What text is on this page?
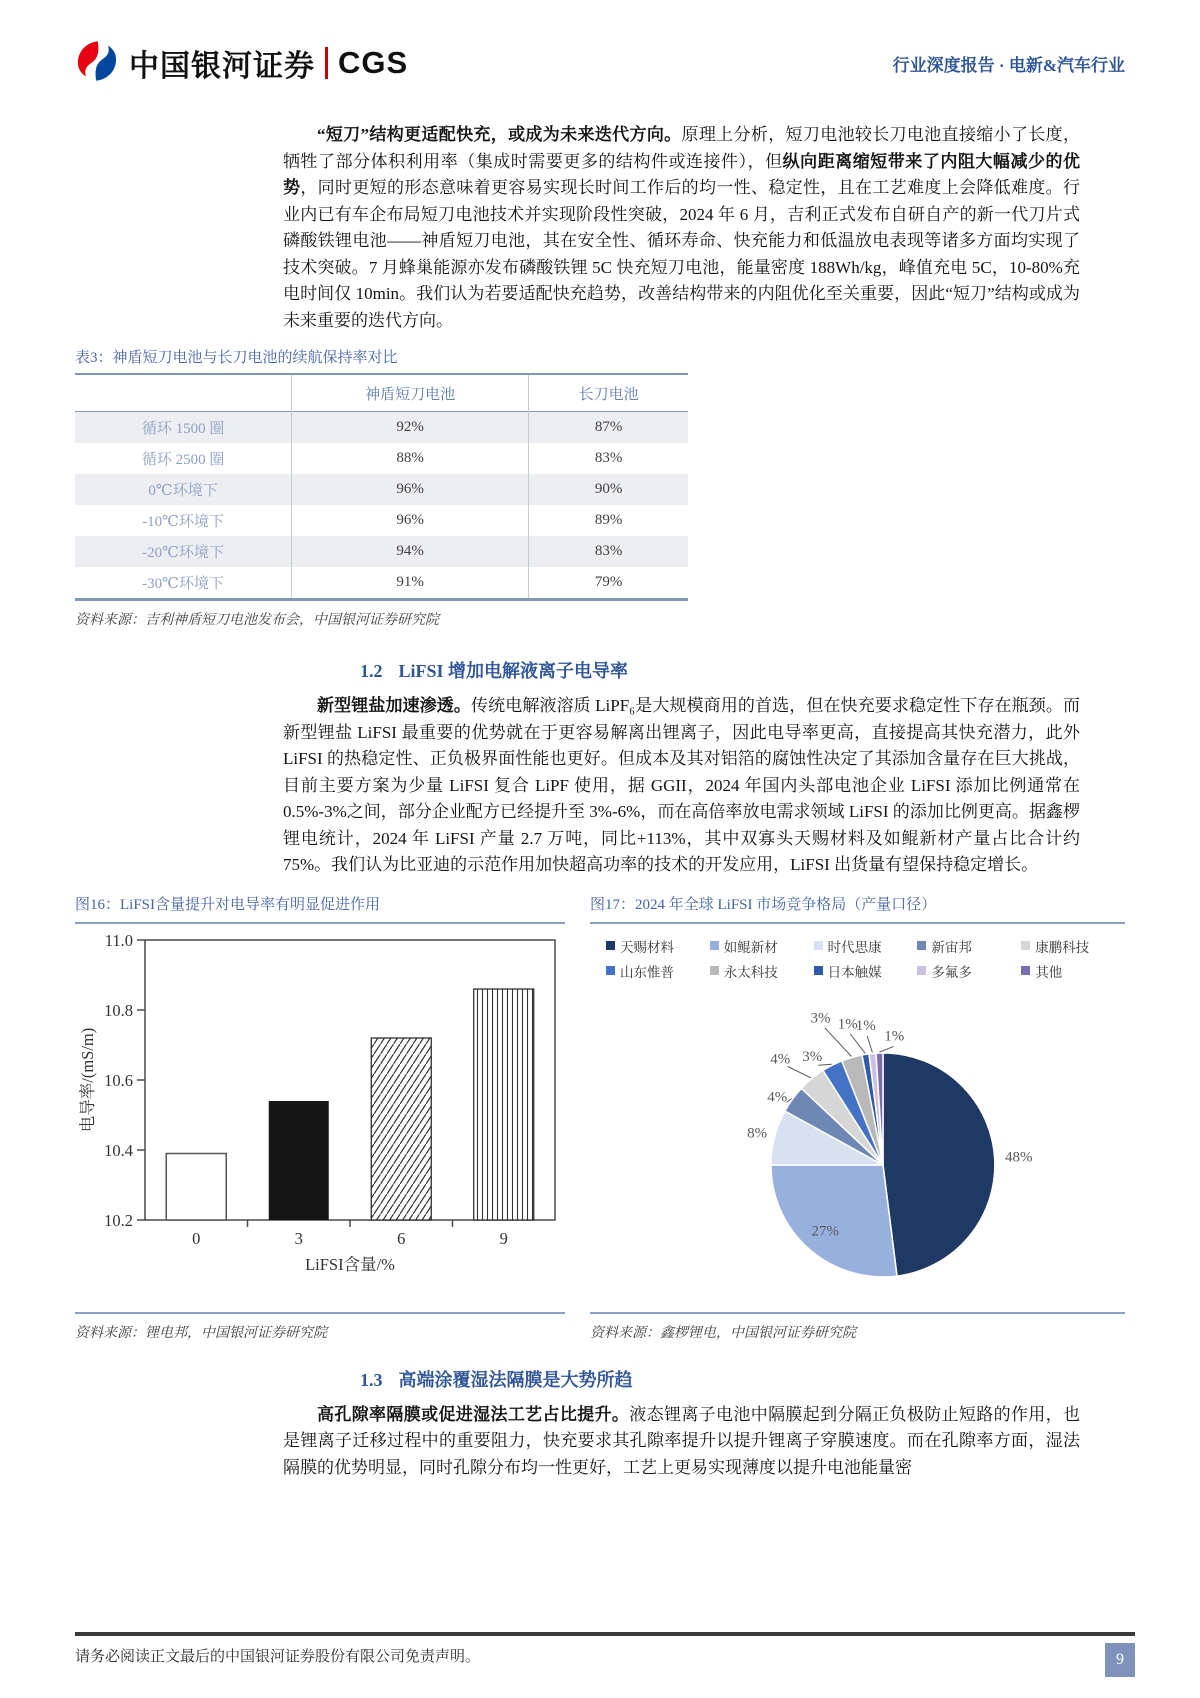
中国银河证券 CGS	行业深度报告 · 电新&汽车行业

“短刀”结构更适配快充，或成为未来迭代方向。原理上分析，短刀电池较长刀电池直接缩小了长度，牺牲了部分体积利用率（集成时需要更多的结构件或连接件），但纵向距离缩短带来了内阻大幅减少的优势，同时更短的形态意味着更容易实现长时间工作后的均一性、稳定性，且在工艺难度上会降低难度。行业内已有车企布局短刀电池技术并实现阶段性突破，2024 年 6 月，吉利正式发布自研自产的新一代刀片式磷酸铁锂电池——神盾短刀电池，其在安全性、循环寿命、快充能力和低温放电表现等诸多方面均实现了技术突破。7 月蜂巢能源亦发布磷酸铁锂 5C 快充短刀电池，能量密度 188Wh/kg，峰值充电 5C，10-80%充电时间仅 10min。我们认为若要适配快充趋势，改善结构带来的内阻优化至关重要，因此“短刀”结构或成为未来重要的迭代方向。

表3：神盾短刀电池与长刀电池的续航保持率对比
	神盾短刀电池	长刀电池
循环 1500 圈	92%	87%
循环 2500 圈	88%	83%
0℃环境下	96%	90%
-10℃环境下	96%	89%
-20℃环境下	94%	83%
-30℃环境下	91%	79%
资料来源：吉利神盾短刀电池发布会，中国银河证券研究院
1.2 LiFSI 增加电解液离子电导率

新型锂盐加速渗透。传统电解液溶质 LiPF₆是大规模商用的首选，但在快充要求稳定性下存在瓶颈。而新型锂盐 LiFSI 最重要的优势就在于更容易解离出锂离子，因此电导率更高，直接提高其快充潜力，此外 LiFSI 的热稳定性、正负极界面性能也更好。但成本及其对铝箔的腐蚀性决定了其添加含量存在巨大挑战，目前主要方案为少量 LiFSI 复合 LiPF 使用，据 GGII，2024 年国内头部电池企业 LiFSI 添加比例通常在 0.5%-3%之间，部分企业配方已经提升至 3%-6%，而在高倍率放电需求领域 LiFSI 的添加比例更高。据鑫椤锂电统计，2024 年 LiFSI 产量 2.7 万吨，同比+113%，其中双寡头天赐材料及如鲲新材产量占比合计约 75%。我们认为比亚迪的示范作用加快超高功率的技术的开发应用，LiFSI 出货量有望保持稳定增长。

图16：LiFSI含量提升对电导率有明显促进作用
10.2
10.4
10.6
10.8
11.0
0	3	6	9
LiFSI含量/%
电导率/(mS/m)
资料来源：锂电邦，中国银河证券研究院
图17：2024 年全球 LiFSI 市场竞争格局（产量口径）
天赐材料	如鲲新材	时代思康	新宙邦	康鹏科技
山东惟普	永太科技	日本触媒	多氟多	其他
48%
27%
8%
4%
4% 3%
3% 1%
1%
1%
资料来源：鑫椤锂电，中国银河证券研究院
1.3 高端涂覆湿法隔膜是大势所趋

高孔隙率隔膜或促进湿法工艺占比提升。液态锂离子电池中隔膜起到分隔正负极防止短路的作用，也是锂离子迁移过程中的重要阻力，快充要求其孔隙率提升以提升锂离子穿膜速度。而在孔隙率方面，湿法隔膜的优势明显，同时孔隙分布均一性更好，工艺上更易实现薄度以提升电池能量密

请务必阅读正文最后的中国银河证券股份有限公司免责声明。	9
